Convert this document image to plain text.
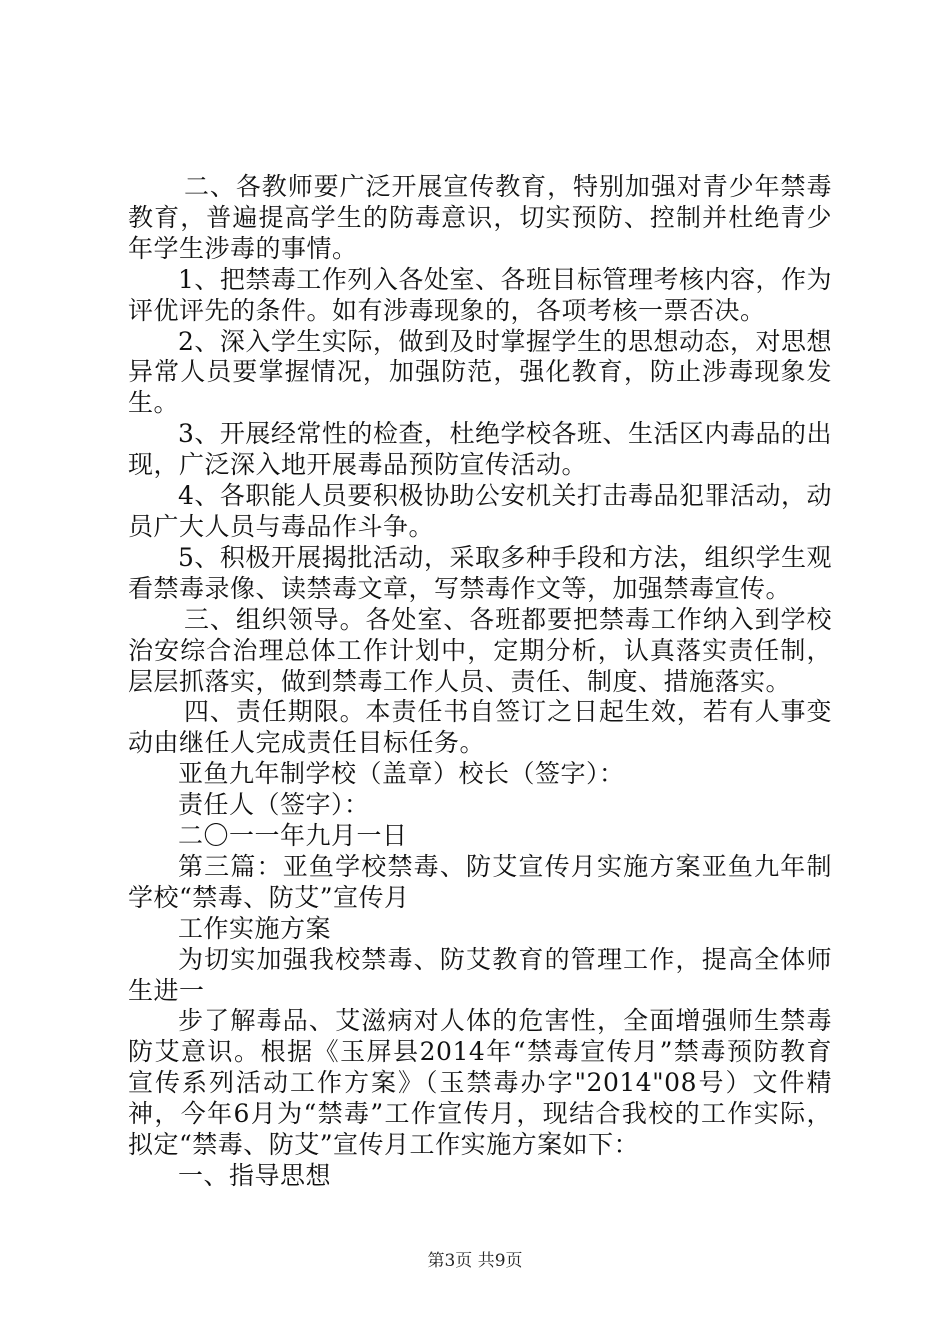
二、各教师要广泛开展宣传教育，特别加强对青少年禁毒教育，普遍提高学生的防毒意识，切实预防、控制并杜绝青少年学生涉毒的事情。

1、把禁毒工作列入各处室、各班目标管理考核内容，作为评优评先的条件。如有涉毒现象的，各项考核一票否决。

2、深入学生实际，做到及时掌握学生的思想动态，对思想异常人员要掌握情况，加强防范，强化教育，防止涉毒现象发生。

3、开展经常性的检查，杜绝学校各班、生活区内毒品的出现，广泛深入地开展毒品预防宣传活动。

4、各职能人员要积极协助公安机关打击毒品犯罪活动，动员广大人员与毒品作斗争。

5、积极开展揭批活动，采取多种手段和方法，组织学生观看禁毒录像、读禁毒文章，写禁毒作文等，加强禁毒宣传。

三、组织领导。各处室、各班都要把禁毒工作纳入到学校治安综合治理总体工作计划中，定期分析，认真落实责任制，层层抓落实，做到禁毒工作人员、责任、制度、措施落实。

四、责任期限。本责任书自签订之日起生效，若有人事变动由继任人完成责任目标任务。

亚鱼九年制学校（盖章）校长（签字）：

责任人（签字）：

二〇一一年九月一日

第三篇：亚鱼学校禁毒、防艾宣传月实施方案亚鱼九年制学校“禁毒、防艾”宣传月

工作实施方案

为切实加强我校禁毒、防艾教育的管理工作，提高全体师生进一

步了解毒品、艾滋病对人体的危害性，全面增强师生禁毒防艾意识。根据《玉屏县2014年“禁毒宣传月”禁毒预防教育宣传系列活动工作方案》（玉禁毒办字"2014"08号）文件精神，今年6月为“禁毒”工作宣传月，现结合我校的工作实际，拟定“禁毒、防艾”宣传月工作实施方案如下：

一、指导思想

第3页 共9页
